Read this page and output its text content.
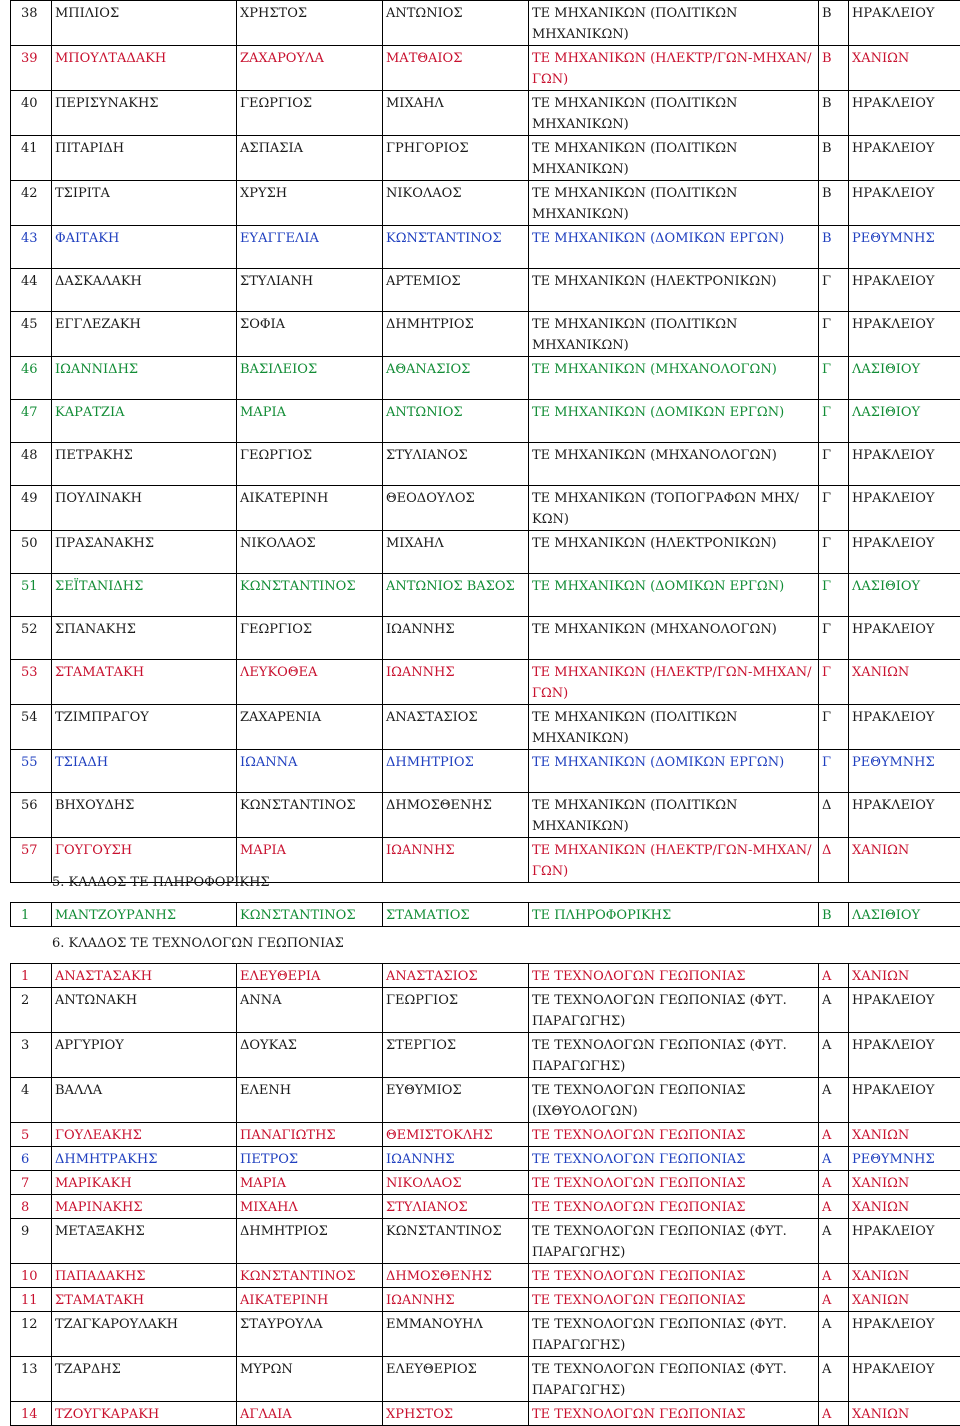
38	ΜΠΙΛΙΟΣ	ΧΡΗΣΤΟΣ	ΑΝΤΩΝΙΟΣ	ΤΕ ΜΗΧΑΝΙΚΩΝ (ΠΟΛΙΤΙΚΩΝ ΜΗΧΑΝΙΚΩΝ)	Β	ΗΡΑΚΛΕΙΟΥ
39	ΜΠΟΥΛΤΑΔΑΚΗ	ΖΑΧΑΡΟΥΛΑ	ΜΑΤΘΑΙΟΣ	ΤΕ ΜΗΧΑΝΙΚΩΝ (ΗΛΕΚΤΡ/ΓΩΝ-ΜΗΧΑΝ/ΓΩΝ)	Β	ΧΑΝΙΩΝ
40	ΠΕΡΙΣΥΝΑΚΗΣ	ΓΕΩΡΓΙΟΣ	ΜΙΧΑΗΛ	ΤΕ ΜΗΧΑΝΙΚΩΝ (ΠΟΛΙΤΙΚΩΝ ΜΗΧΑΝΙΚΩΝ)	Β	ΗΡΑΚΛΕΙΟΥ
41	ΠΙΤΑΡΙΔΗ	ΑΣΠΑΣΙΑ	ΓΡΗΓΟΡΙΟΣ	ΤΕ ΜΗΧΑΝΙΚΩΝ (ΠΟΛΙΤΙΚΩΝ ΜΗΧΑΝΙΚΩΝ)	Β	ΗΡΑΚΛΕΙΟΥ
42	ΤΣΙΡΙΤΑ	ΧΡΥΣΗ	ΝΙΚΟΛΑΟΣ	ΤΕ ΜΗΧΑΝΙΚΩΝ (ΠΟΛΙΤΙΚΩΝ ΜΗΧΑΝΙΚΩΝ)	Β	ΗΡΑΚΛΕΙΟΥ
43	ΦΑΙΤΑΚΗ	ΕΥΑΓΓΕΛΙΑ	ΚΩΝΣΤΑΝΤΙΝΟΣ	ΤΕ ΜΗΧΑΝΙΚΩΝ (ΔΟΜΙΚΩΝ ΕΡΓΩΝ)	Β	ΡΕΘΥΜΝΗΣ
44	ΔΑΣΚΑΛΑΚΗ	ΣΤΥΛΙΑΝΗ	ΑΡΤΕΜΙΟΣ	ΤΕ ΜΗΧΑΝΙΚΩΝ (ΗΛΕΚΤΡΟΝΙΚΩΝ)	Γ	ΗΡΑΚΛΕΙΟΥ
45	ΕΓΓΛΕΖΑΚΗ	ΣΟΦΙΑ	ΔΗΜΗΤΡΙΟΣ	ΤΕ ΜΗΧΑΝΙΚΩΝ (ΠΟΛΙΤΙΚΩΝ ΜΗΧΑΝΙΚΩΝ)	Γ	ΗΡΑΚΛΕΙΟΥ
46	ΙΩΑΝΝΙΔΗΣ	ΒΑΣΙΛΕΙΟΣ	ΑΘΑΝΑΣΙΟΣ	ΤΕ ΜΗΧΑΝΙΚΩΝ (ΜΗΧΑΝΟΛΟΓΩΝ)	Γ	ΛΑΣΙΘΙΟΥ
47	ΚΑΡΑΤΖΙΑ	ΜΑΡΙΑ	ΑΝΤΩΝΙΟΣ	ΤΕ ΜΗΧΑΝΙΚΩΝ (ΔΟΜΙΚΩΝ ΕΡΓΩΝ)	Γ	ΛΑΣΙΘΙΟΥ
48	ΠΕΤΡΑΚΗΣ	ΓΕΩΡΓΙΟΣ	ΣΤΥΛΙΑΝΟΣ	ΤΕ ΜΗΧΑΝΙΚΩΝ (ΜΗΧΑΝΟΛΟΓΩΝ)	Γ	ΗΡΑΚΛΕΙΟΥ
49	ΠΟΥΛΙΝΑΚΗ	ΑΙΚΑΤΕΡΙΝΗ	ΘΕΟΔΟΥΛΟΣ	ΤΕ ΜΗΧΑΝΙΚΩΝ (ΤΟΠΟΓΡΑΦΩΝ ΜΗΧ/ΚΩΝ)	Γ	ΗΡΑΚΛΕΙΟΥ
50	ΠΡΑΣΑΝΑΚΗΣ	ΝΙΚΟΛΑΟΣ	ΜΙΧΑΗΛ	ΤΕ ΜΗΧΑΝΙΚΩΝ (ΗΛΕΚΤΡΟΝΙΚΩΝ)	Γ	ΗΡΑΚΛΕΙΟΥ
51	ΣΕΪΤΑΝΙΔΗΣ	ΚΩΝΣΤΑΝΤΙΝΟΣ	ΑΝΤΩΝΙΟΣ ΒΑΣΟΣ	ΤΕ ΜΗΧΑΝΙΚΩΝ (ΔΟΜΙΚΩΝ ΕΡΓΩΝ)	Γ	ΛΑΣΙΘΙΟΥ
52	ΣΠΑΝΑΚΗΣ	ΓΕΩΡΓΙΟΣ	ΙΩΑΝΝΗΣ	ΤΕ ΜΗΧΑΝΙΚΩΝ (ΜΗΧΑΝΟΛΟΓΩΝ)	Γ	ΗΡΑΚΛΕΙΟΥ
53	ΣΤΑΜΑΤΑΚΗ	ΛΕΥΚΟΘΕΑ	ΙΩΑΝΝΗΣ	ΤΕ ΜΗΧΑΝΙΚΩΝ (ΗΛΕΚΤΡ/ΓΩΝ-ΜΗΧΑΝ/ΓΩΝ)	Γ	ΧΑΝΙΩΝ
54	ΤΖΙΜΠΡΑΓΟΥ	ΖΑΧΑΡΕΝΙΑ	ΑΝΑΣΤΑΣΙΟΣ	ΤΕ ΜΗΧΑΝΙΚΩΝ (ΠΟΛΙΤΙΚΩΝ ΜΗΧΑΝΙΚΩΝ)	Γ	ΗΡΑΚΛΕΙΟΥ
55	ΤΣΙΑΔΗ	ΙΩΑΝΝΑ	ΔΗΜΗΤΡΙΟΣ	ΤΕ ΜΗΧΑΝΙΚΩΝ (ΔΟΜΙΚΩΝ ΕΡΓΩΝ)	Γ	ΡΕΘΥΜΝΗΣ
56	ΒΗΧΟΥΔΗΣ	ΚΩΝΣΤΑΝΤΙΝΟΣ	ΔΗΜΟΣΘΕΝΗΣ	ΤΕ ΜΗΧΑΝΙΚΩΝ (ΠΟΛΙΤΙΚΩΝ ΜΗΧΑΝΙΚΩΝ)	Δ	ΗΡΑΚΛΕΙΟΥ
57	ΓΟΥΓΟΥΣΗ	ΜΑΡΙΑ	ΙΩΑΝΝΗΣ	ΤΕ ΜΗΧΑΝΙΚΩΝ (ΗΛΕΚΤΡ/ΓΩΝ-ΜΗΧΑΝ/ΓΩΝ)	Δ	ΧΑΝΙΩΝ
5. ΚΛΑΔΟΣ ΤΕ ΠΛΗΡΟΦΟΡΙΚΗΣ
1	ΜΑΝΤΖΟΥΡΑΝΗΣ	ΚΩΝΣΤΑΝΤΙΝΟΣ	ΣΤΑΜΑΤΙΟΣ	ΤΕ ΠΛΗΡΟΦΟΡΙΚΗΣ	Β	ΛΑΣΙΘΙΟΥ
6. ΚΛΑΔΟΣ ΤΕ ΤΕΧΝΟΛΟΓΩΝ ΓΕΩΠΟΝΙΑΣ
1	ΑΝΑΣΤΑΣΑΚΗ	ΕΛΕΥΘΕΡΙΑ	ΑΝΑΣΤΑΣΙΟΣ	ΤΕ ΤΕΧΝΟΛΟΓΩΝ ΓΕΩΠΟΝΙΑΣ	Α	ΧΑΝΙΩΝ
2	ΑΝΤΩΝΑΚΗ	ΑΝΝΑ	ΓΕΩΡΓΙΟΣ	ΤΕ ΤΕΧΝΟΛΟΓΩΝ ΓΕΩΠΟΝΙΑΣ (ΦΥΤ. ΠΑΡΑΓΩΓΗΣ)	Α	ΗΡΑΚΛΕΙΟΥ
3	ΑΡΓΥΡΙΟΥ	ΔΟΥΚΑΣ	ΣΤΕΡΓΙΟΣ	ΤΕ ΤΕΧΝΟΛΟΓΩΝ ΓΕΩΠΟΝΙΑΣ (ΦΥΤ. ΠΑΡΑΓΩΓΗΣ)	Α	ΗΡΑΚΛΕΙΟΥ
4	ΒΑΛΛΑ	ΕΛΕΝΗ	ΕΥΘΥΜΙΟΣ	ΤΕ ΤΕΧΝΟΛΟΓΩΝ ΓΕΩΠΟΝΙΑΣ (ΙΧΘΥΟΛΟΓΩΝ)	Α	ΗΡΑΚΛΕΙΟΥ
5	ΓΟΥΛΕΑΚΗΣ	ΠΑΝΑΓΙΩΤΗΣ	ΘΕΜΙΣΤΟΚΛΗΣ	ΤΕ ΤΕΧΝΟΛΟΓΩΝ ΓΕΩΠΟΝΙΑΣ	Α	ΧΑΝΙΩΝ
6	ΔΗΜΗΤΡΑΚΗΣ	ΠΕΤΡΟΣ	ΙΩΑΝΝΗΣ	ΤΕ ΤΕΧΝΟΛΟΓΩΝ ΓΕΩΠΟΝΙΑΣ	Α	ΡΕΘΥΜΝΗΣ
7	ΜΑΡΙΚΑΚΗ	ΜΑΡΙΑ	ΝΙΚΟΛΑΟΣ	ΤΕ ΤΕΧΝΟΛΟΓΩΝ ΓΕΩΠΟΝΙΑΣ	Α	ΧΑΝΙΩΝ
8	ΜΑΡΙΝΑΚΗΣ	ΜΙΧΑΗΛ	ΣΤΥΛΙΑΝΟΣ	ΤΕ ΤΕΧΝΟΛΟΓΩΝ ΓΕΩΠΟΝΙΑΣ	Α	ΧΑΝΙΩΝ
9	ΜΕΤΑΞΑΚΗΣ	ΔΗΜΗΤΡΙΟΣ	ΚΩΝΣΤΑΝΤΙΝΟΣ	ΤΕ ΤΕΧΝΟΛΟΓΩΝ ΓΕΩΠΟΝΙΑΣ (ΦΥΤ. ΠΑΡΑΓΩΓΗΣ)	Α	ΗΡΑΚΛΕΙΟΥ
10	ΠΑΠΑΔΑΚΗΣ	ΚΩΝΣΤΑΝΤΙΝΟΣ	ΔΗΜΟΣΘΕΝΗΣ	ΤΕ ΤΕΧΝΟΛΟΓΩΝ ΓΕΩΠΟΝΙΑΣ	Α	ΧΑΝΙΩΝ
11	ΣΤΑΜΑΤΑΚΗ	ΑΙΚΑΤΕΡΙΝΗ	ΙΩΑΝΝΗΣ	ΤΕ ΤΕΧΝΟΛΟΓΩΝ ΓΕΩΠΟΝΙΑΣ	Α	ΧΑΝΙΩΝ
12	ΤΖΑΓΚΑΡΟΥΛΑΚΗ	ΣΤΑΥΡΟΥΛΑ	ΕΜΜΑΝΟΥΗΛ	ΤΕ ΤΕΧΝΟΛΟΓΩΝ ΓΕΩΠΟΝΙΑΣ (ΦΥΤ. ΠΑΡΑΓΩΓΗΣ)	Α	ΗΡΑΚΛΕΙΟΥ
13	ΤΖΑΡΔΗΣ	ΜΥΡΩΝ	ΕΛΕΥΘΕΡΙΟΣ	ΤΕ ΤΕΧΝΟΛΟΓΩΝ ΓΕΩΠΟΝΙΑΣ (ΦΥΤ. ΠΑΡΑΓΩΓΗΣ)	Α	ΗΡΑΚΛΕΙΟΥ
14	ΤΖΟΥΓΚΑΡΑΚΗ	ΑΓΛΑΙΑ	ΧΡΗΣΤΟΣ	ΤΕ ΤΕΧΝΟΛΟΓΩΝ ΓΕΩΠΟΝΙΑΣ	Α	ΧΑΝΙΩΝ
